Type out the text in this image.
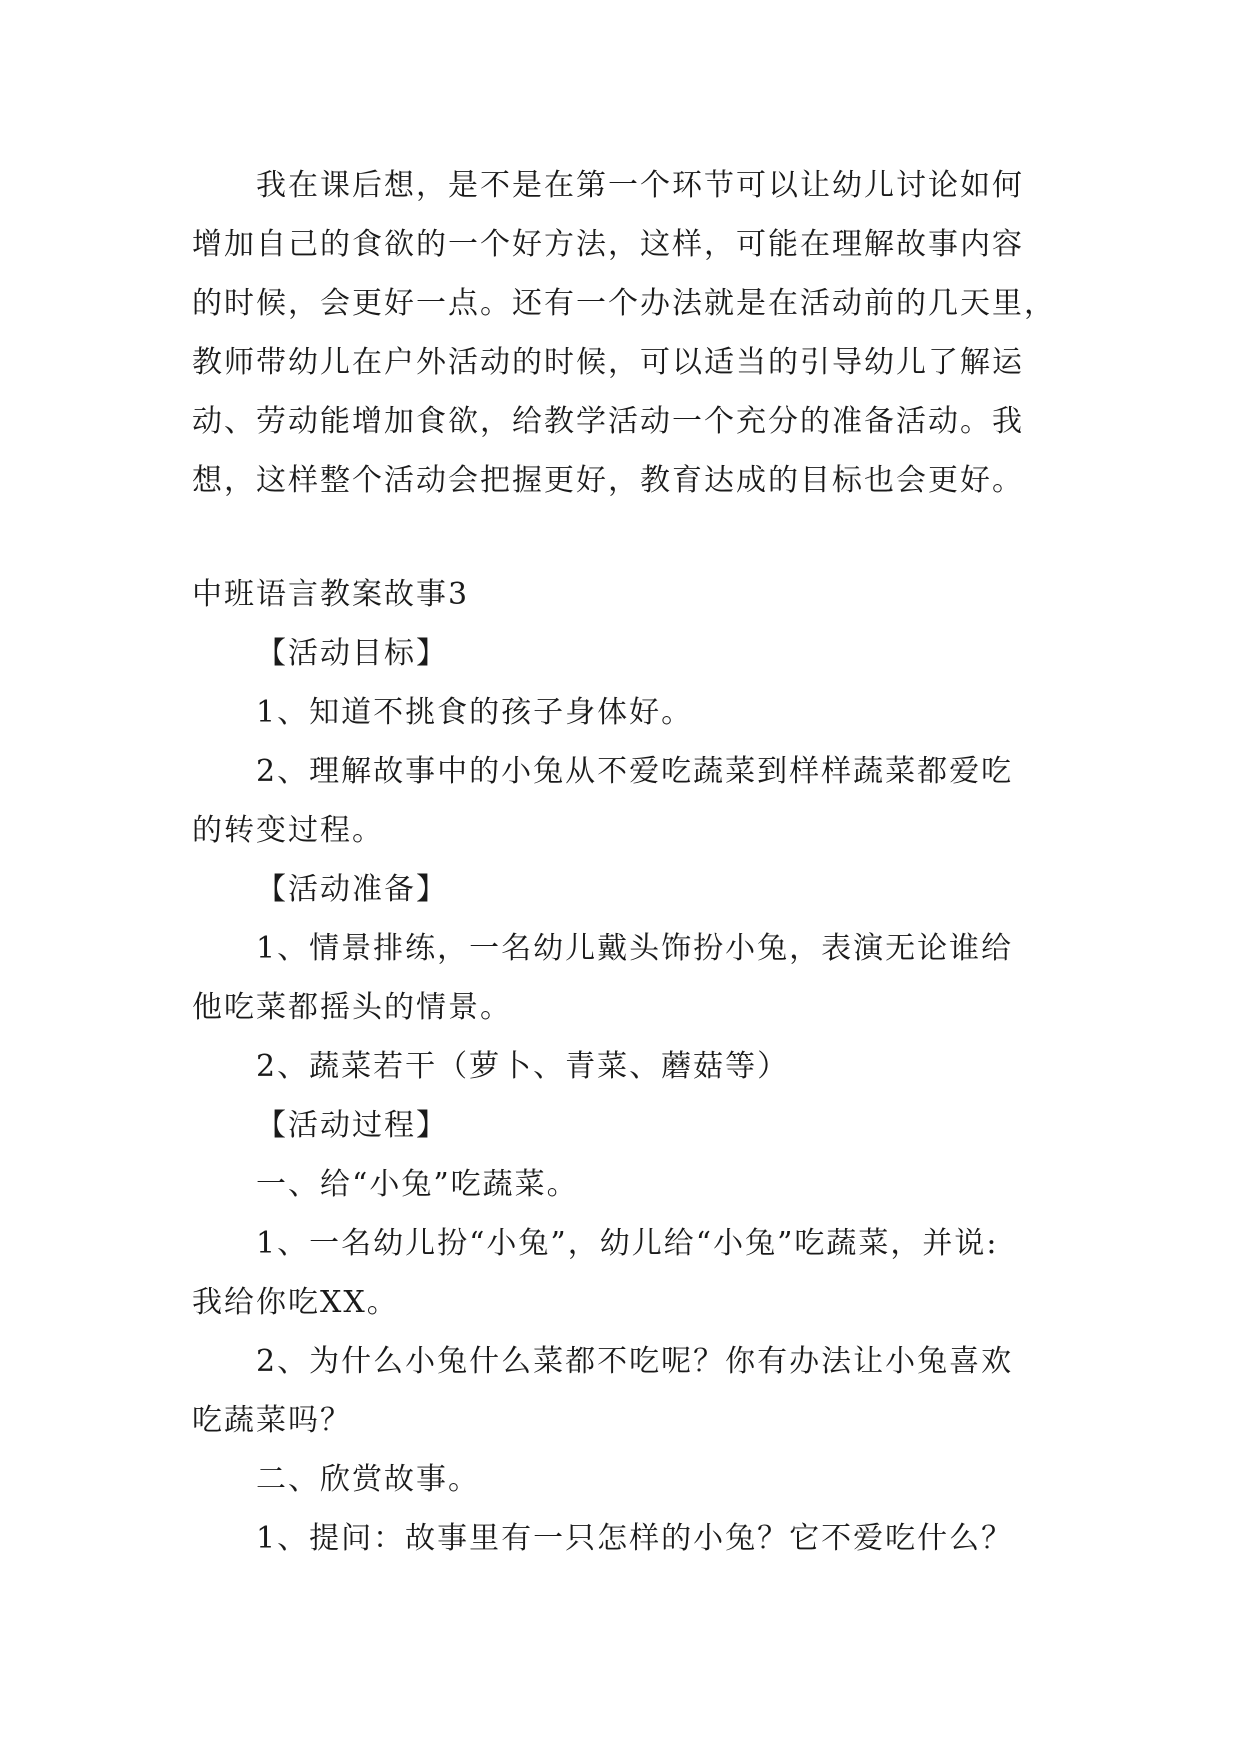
我在课后想，是不是在第一个环节可以让幼儿讨论如何
增加自己的食欲的一个好方法，这样，可能在理解故事内容
的时候，会更好一点。还有一个办法就是在活动前的几天里，
教师带幼儿在户外活动的时候，可以适当的引导幼儿了解运
动、劳动能增加食欲，给教学活动一个充分的准备活动。我
想，这样整个活动会把握更好，教育达成的目标也会更好。
中班语言教案故事3
【活动目标】
1、知道不挑食的孩子身体好。
2、理解故事中的小兔从不爱吃蔬菜到样样蔬菜都爱吃
的转变过程。
【活动准备】
1、情景排练，一名幼儿戴头饰扮小兔，表演无论谁给
他吃菜都摇头的情景。
2、蔬菜若干（萝卜、青菜、蘑菇等）
【活动过程】
一、给“小兔”吃蔬菜。
1、一名幼儿扮“小兔”，幼儿给“小兔”吃蔬菜，并说:
我给你吃XX。
2、为什么小兔什么菜都不吃呢？你有办法让小兔喜欢
吃蔬菜吗？
二、欣赏故事。
1、提问：故事里有一只怎样的小兔？它不爱吃什么？
